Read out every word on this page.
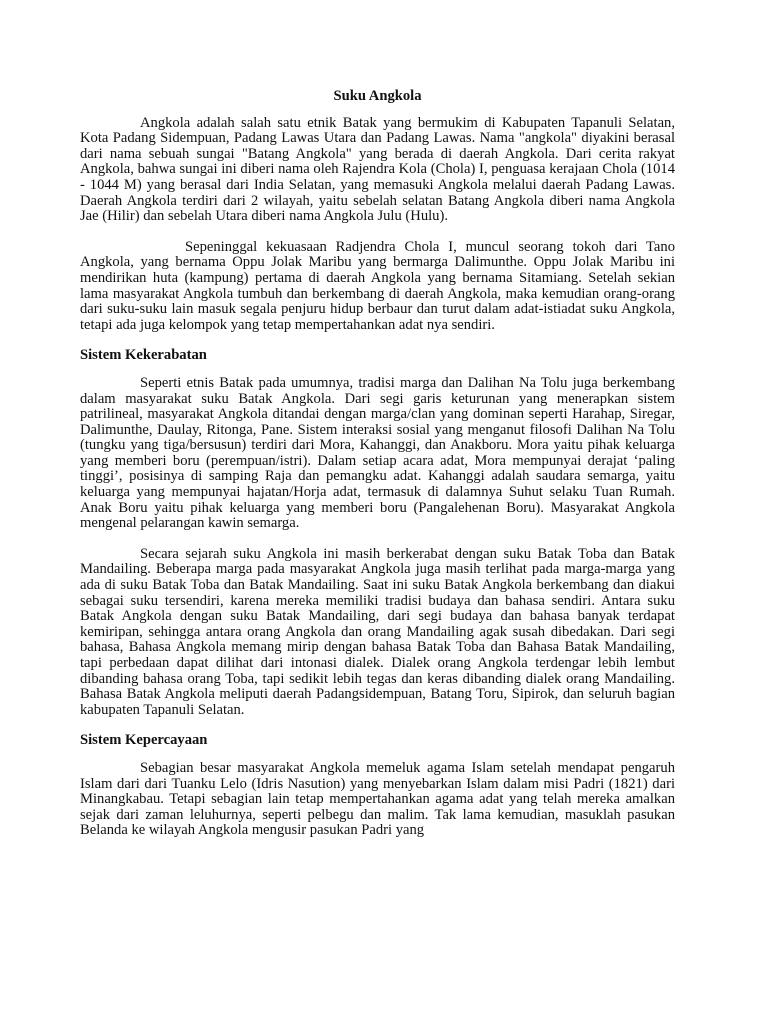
Suku Angkola

Angkola adalah salah satu etnik Batak yang bermukim di Kabupaten Tapanuli Selatan, Kota Padang Sidempuan, Padang Lawas Utara dan Padang Lawas. Nama "angkola" diyakini berasal dari nama sebuah sungai "Batang Angkola" yang berada di daerah Angkola. Dari cerita rakyat Angkola, bahwa sungai ini diberi nama oleh Rajendra Kola (Chola) I, penguasa kerajaan Chola (1014 - 1044 M) yang berasal dari India Selatan, yang memasuki Angkola melalui daerah Padang Lawas. Daerah Angkola terdiri dari 2 wilayah, yaitu sebelah selatan Batang Angkola diberi nama Angkola Jae (Hilir) dan sebelah Utara diberi nama Angkola Julu (Hulu).

Sepeninggal kekuasaan Radjendra Chola I, muncul seorang tokoh dari Tano Angkola, yang bernama Oppu Jolak Maribu yang bermarga Dalimunthe. Oppu Jolak Maribu ini mendirikan huta (kampung) pertama di daerah Angkola yang bernama Sitamiang. Setelah sekian lama masyarakat Angkola tumbuh dan berkembang di daerah Angkola, maka kemudian orang-orang dari suku-suku lain masuk segala penjuru hidup berbaur dan turut dalam adat-istiadat suku Angkola, tetapi ada juga kelompok yang tetap mempertahankan adat nya sendiri.

Sistem Kekerabatan

Seperti etnis Batak pada umumnya, tradisi marga dan Dalihan Na Tolu juga berkembang dalam masyarakat suku Batak Angkola. Dari segi garis keturunan yang menerapkan sistem patrilineal, masyarakat Angkola ditandai dengan marga/clan yang dominan seperti Harahap, Siregar, Dalimunthe, Daulay, Ritonga, Pane. Sistem interaksi sosial yang menganut filosofi Dalihan Na Tolu (tungku yang tiga/bersusun) terdiri dari Mora, Kahanggi, dan Anakboru. Mora yaitu pihak keluarga yang memberi boru (perempuan/istri). Dalam setiap acara adat, Mora mempunyai derajat ‘paling tinggi’, posisinya di samping Raja dan pemangku adat. Kahanggi adalah saudara semarga, yaitu keluarga yang mempunyai hajatan/Horja adat, termasuk di dalamnya Suhut selaku Tuan Rumah. Anak Boru yaitu pihak keluarga yang memberi boru (Pangalehenan Boru). Masyarakat Angkola mengenal pelarangan kawin semarga.

Secara sejarah suku Angkola ini masih berkerabat dengan suku Batak Toba dan Batak Mandailing. Beberapa marga pada masyarakat Angkola juga masih terlihat pada marga-marga yang ada di suku Batak Toba dan Batak Mandailing. Saat ini suku Batak Angkola berkembang dan diakui sebagai suku tersendiri, karena mereka memiliki tradisi budaya dan bahasa sendiri. Antara suku Batak Angkola dengan suku Batak Mandailing, dari segi budaya dan bahasa banyak terdapat kemiripan, sehingga antara orang Angkola dan orang Mandailing agak susah dibedakan. Dari segi bahasa, Bahasa Angkola memang mirip dengan bahasa Batak Toba dan Bahasa Batak Mandailing, tapi perbedaan dapat dilihat dari intonasi dialek. Dialek orang Angkola terdengar lebih lembut dibanding bahasa orang Toba, tapi sedikit lebih tegas dan keras dibanding dialek orang Mandailing. Bahasa Batak Angkola meliputi daerah Padangsidempuan, Batang Toru, Sipirok, dan seluruh bagian kabupaten Tapanuli Selatan.

Sistem Kepercayaan

Sebagian besar masyarakat Angkola memeluk agama Islam setelah mendapat pengaruh Islam dari dari Tuanku Lelo (Idris Nasution) yang menyebarkan Islam dalam misi Padri (1821) dari Minangkabau. Tetapi sebagian lain tetap mempertahankan agama adat yang telah mereka amalkan sejak dari zaman leluhurnya, seperti pelbegu dan malim. Tak lama kemudian, masuklah pasukan Belanda ke wilayah Angkola mengusir pasukan Padri yang
